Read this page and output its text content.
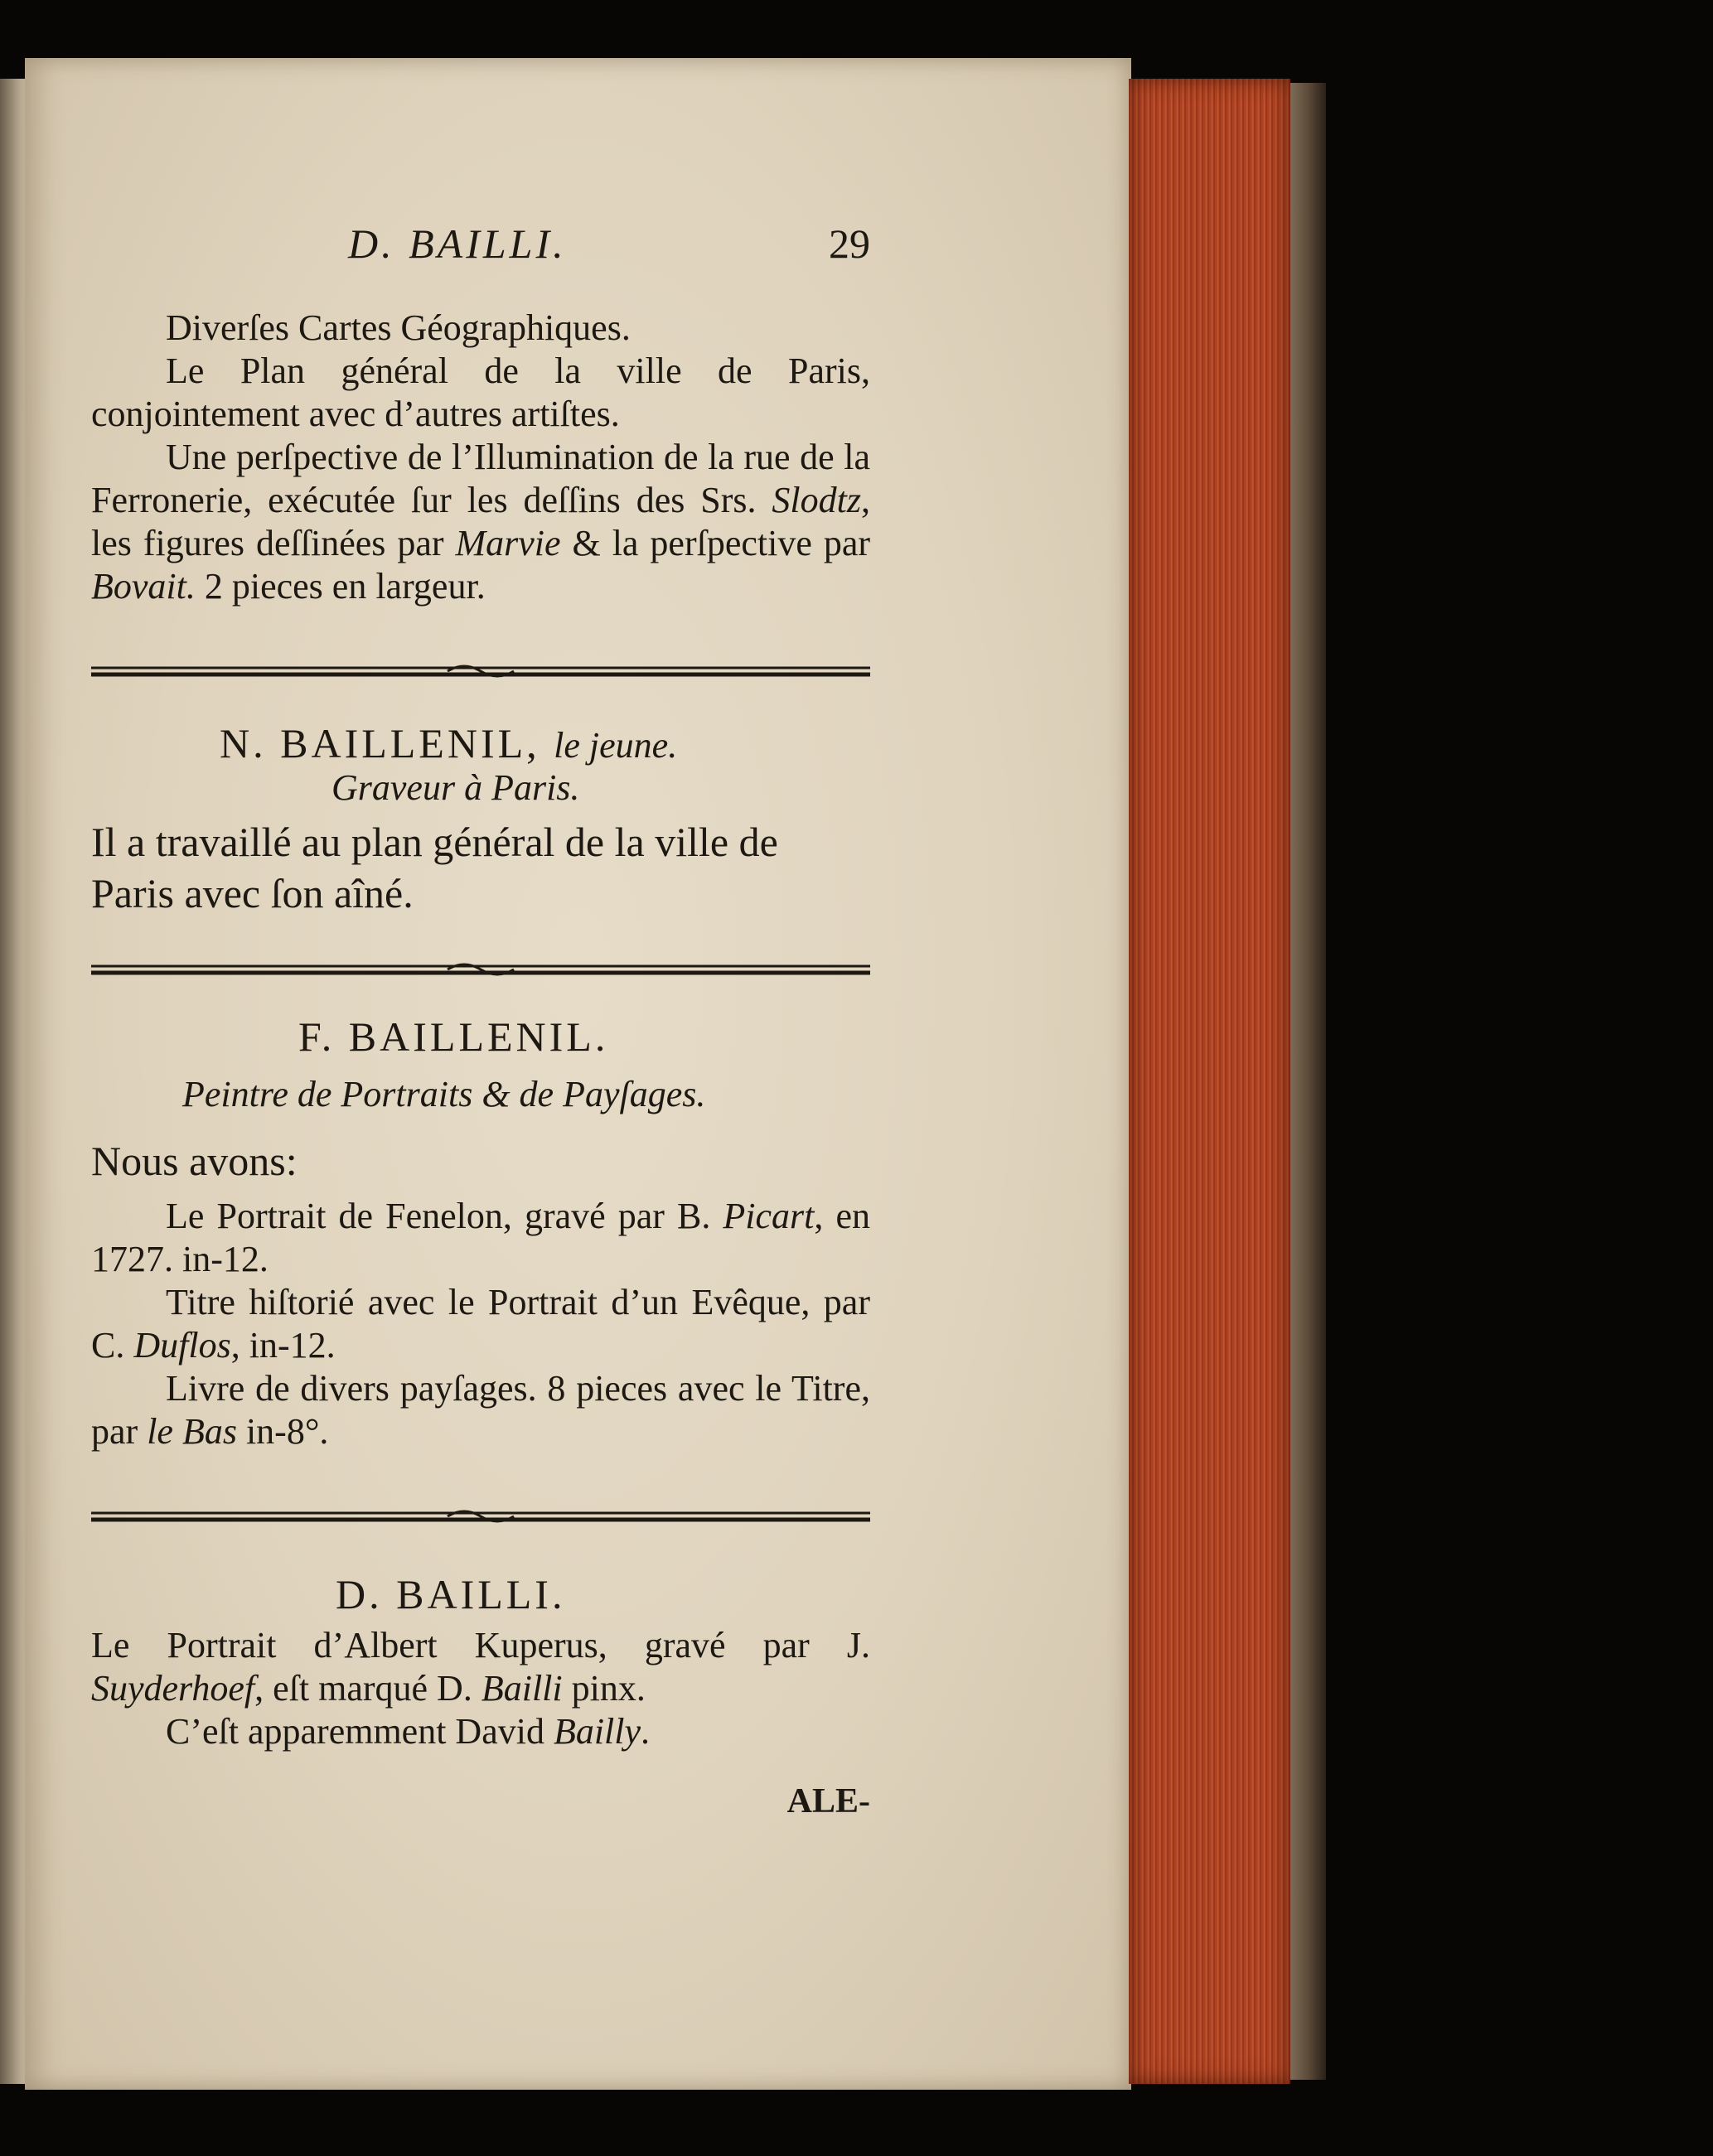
D. BAILLI.	29

Diverſes Cartes Géographiques.

Le Plan général de la ville de Paris, conjointement avec d’autres artiſtes.

Une perſpective de l’Illumination de la rue de la Ferronerie, exécutée ſur les deſſins des Srs. Slodtz, les figures deſſinées par Marvie & la perſpective par Bovait. 2 pieces en largeur.

N. BAILLENIL, le jeune.
Graveur à Paris.

Il a travaillé au plan général de la ville de Paris avec ſon aîné.

F. BAILLENIL.
Peintre de Portraits & de Payſages.

Nous avons:

Le Portrait de Fenelon, gravé par B. Picart, en 1727. in-12.

Titre hiſtorié avec le Portrait d’un Evêque, par C. Duflos, in-12.

Livre de divers payſages. 8 pieces avec le Titre, par le Bas in-8°.

D. BAILLI.

Le Portrait d’Albert Kuperus, gravé par J. Suyderhoef, eſt marqué D. Bailli pinx.

C’eſt apparemment David Bailly.

ALE-
